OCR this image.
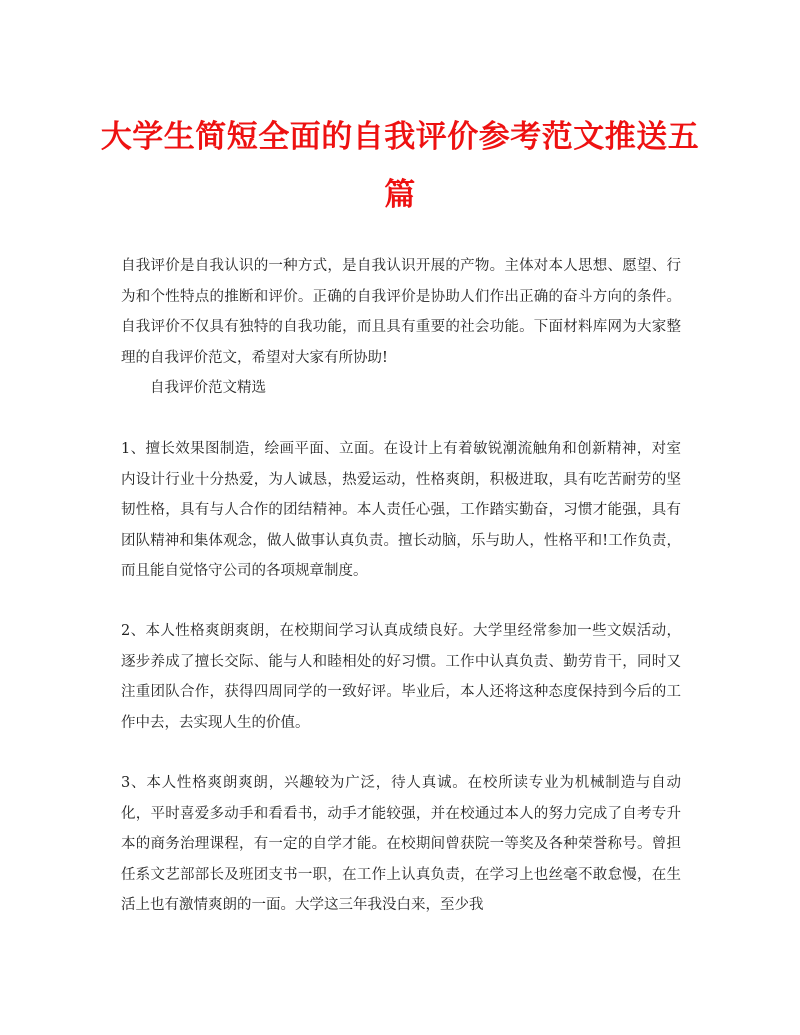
大学生简短全面的自我评价参考范文推送五篇

自我评价是自我认识的一种方式，是自我认识开展的产物。主体对本人思想、愿望、行为和个性特点的推断和评价。正确的自我评价是协助人们作出正确的奋斗方向的条件。自我评价不仅具有独特的自我功能，而且具有重要的社会功能。下面材料库网为大家整理的自我评价范文，希望对大家有所协助!

自我评价范文精选

1、擅长效果图制造，绘画平面、立面。在设计上有着敏锐潮流触角和创新精神，对室内设计行业十分热爱，为人诚恳，热爱运动，性格爽朗，积极进取，具有吃苦耐劳的坚韧性格，具有与人合作的团结精神。本人责任心强，工作踏实勤奋，习惯才能强，具有团队精神和集体观念，做人做事认真负责。擅长动脑，乐与助人，性格平和!工作负责，而且能自觉恪守公司的各项规章制度。

2、本人性格爽朗爽朗，在校期间学习认真成绩良好。大学里经常参加一些文娱活动，逐步养成了擅长交际、能与人和睦相处的好习惯。工作中认真负责、勤劳肯干，同时又注重团队合作，获得四周同学的一致好评。毕业后，本人还将这种态度保持到今后的工作中去，去实现人生的价值。

3、本人性格爽朗爽朗，兴趣较为广泛，待人真诚。在校所读专业为机械制造与自动化，平时喜爱多动手和看看书，动手才能较强，并在校通过本人的努力完成了自考专升本的商务治理课程，有一定的自学才能。在校期间曾获院一等奖及各种荣誉称号。曾担任系文艺部部长及班团支书一职，在工作上认真负责，在学习上也丝毫不敢怠慢，在生活上也有激情爽朗的一面。大学这三年我没白来，至少我
